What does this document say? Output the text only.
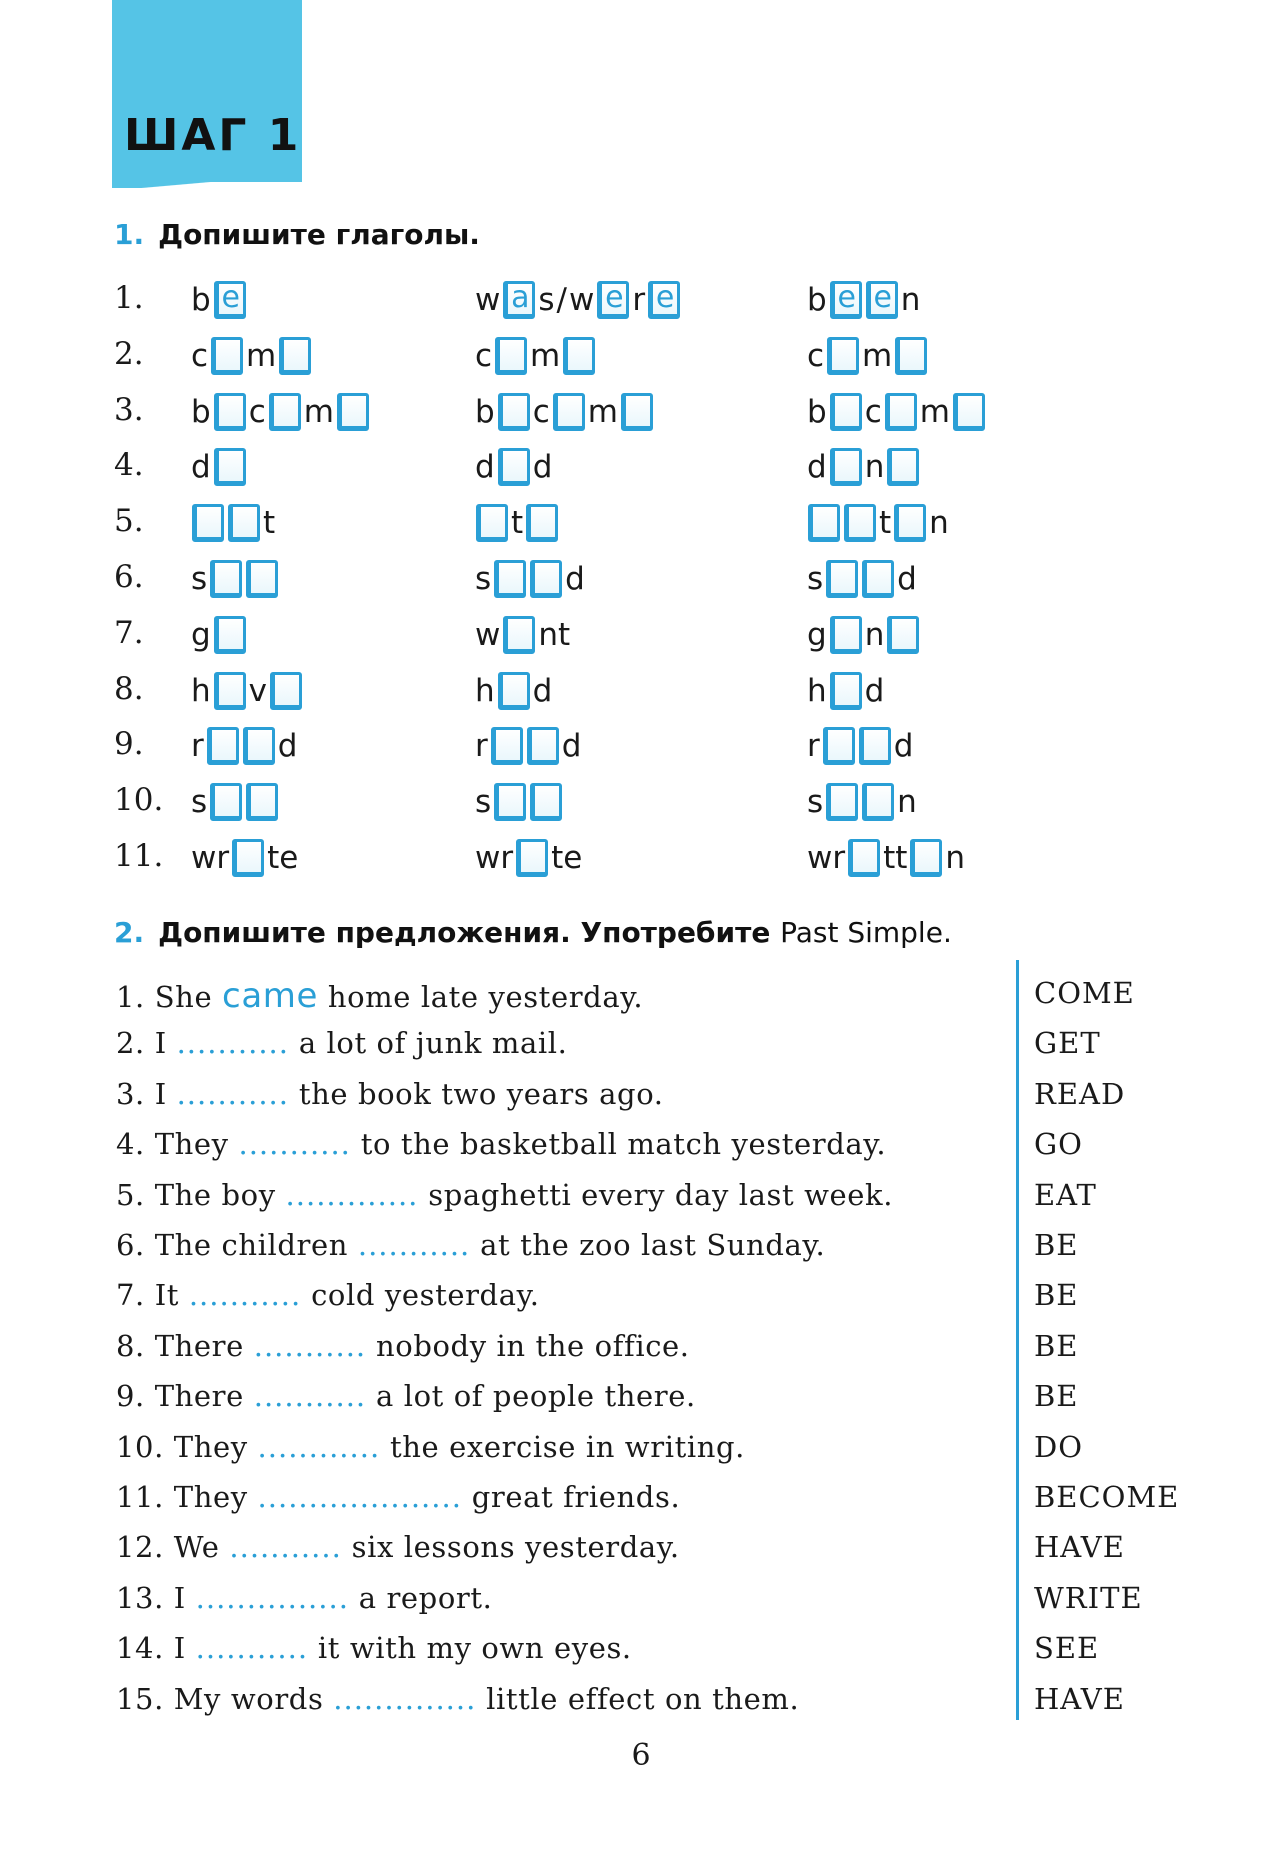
ШАГ 1
1. Допишите глаголы.
1. b e	w a s / w e r e	b e e n
2. c m	c m	c m
3. b c m	b c m	b c m
4. d	d d	d n
5.	t	t	t n
6. s	s d	s d
7. g	w nt	g n
8. h v	h d	h d
9. r d	r d	r d
10. s	s	s n
11. wr te	wr te	wr tt n
2. Допишите предложения. Употребите Past Simple.
1. She came home late yesterday.	COME
2. I ........... a lot of junk mail.	GET
3. I ........... the book two years ago.	READ
4. They ........... to the basketball match yesterday.	GO
5. The boy ............. spaghetti every day last week.	EAT
6. The children ........... at the zoo last Sunday.	BE
7. It ........... cold yesterday.	BE
8. There ........... nobody in the office.	BE
9. There ........... a lot of people there.	BE
10. They ............ the exercise in writing.	DO
11. They .................... great friends.	BECOME
12. We ........... six lessons yesterday.	HAVE
13. I ............... a report.	WRITE
14. I ........... it with my own eyes.	SEE
15. My words .............. little effect on them.	HAVE
6
